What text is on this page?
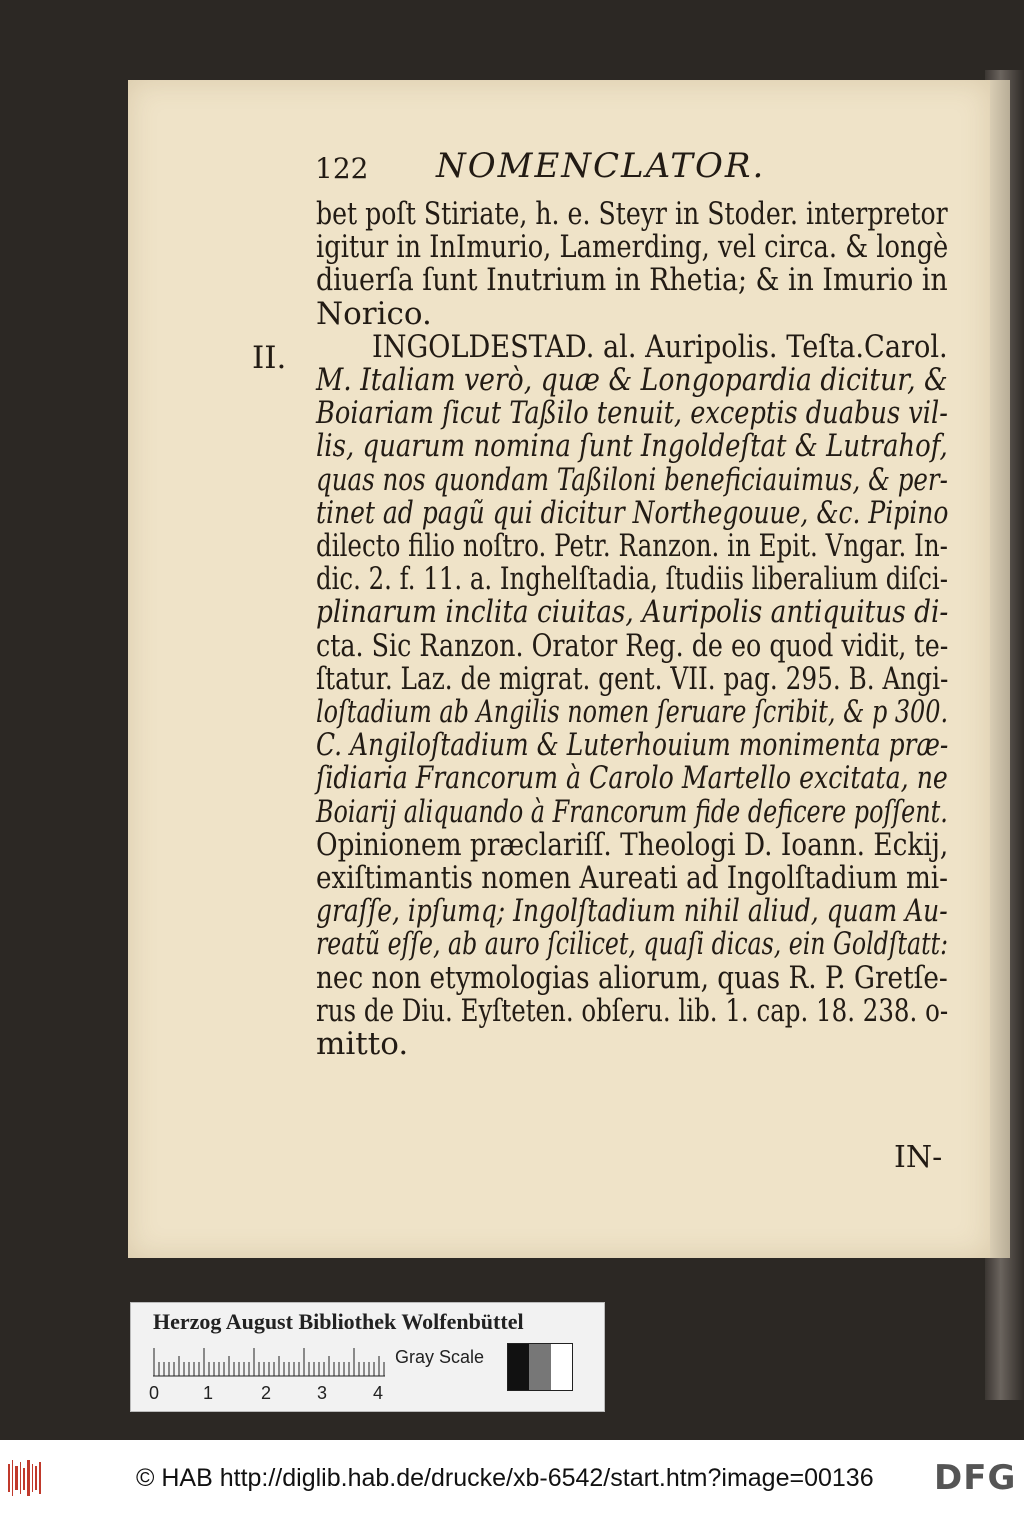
122 NOMENCLATOR.
II.
bet poſt Stiriate, h. e. Steyr in Stoder. interpretor
igitur in InImurio, Lamerding, vel circa. & longè
diuerſa ſunt Inutrium in Rhetia; & in Imurio in
Norico.
INGOLDESTAD. al. Auripolis. Teſta.Carol.
M. Italiam verò, quæ & Longopardia dicitur, &
Boiariam ſicut Taßilo tenuit, exceptis duabus vil-
lis, quarum nomina ſunt Ingoldeſtat & Lutrahof,
quas nos quondam Taßiloni beneficiauimus, & per-
tinet ad pagũ qui dicitur Northegouue, &c. Pipino
dilecto filio noſtro. Petr. Ranzon. in Epit. Vngar. In-
dic. 2. f. 11. a. Inghelſtadia, ſtudiis liberalium diſci-
plinarum inclita ciuitas, Auripolis antiquitus di-
cta. Sic Ranzon. Orator Reg. de eo quod vidit, te-
ſtatur. Laz. de migrat. gent. VII. pag. 295. B. Angi-
loſtadium ab Angilis nomen ſeruare ſcribit, & p 300.
C. Angiloſtadium & Luterhouium monimenta præ-
ſidiaria Francorum à Carolo Martello excitata, ne
Boiarij aliquando à Francorum fide deficere poſſent.
Opinionem præclariſſ. Theologi D. Ioann. Eckij,
exiſtimantis nomen Aureati ad Ingolſtadium mi-
graſſe, ipſumq; Ingolſtadium nihil aliud, quam Au-
reatũ eſſe, ab auro ſcilicet, quaſi dicas, ein Goldſtatt:
nec non etymologias aliorum, quas R. P. Gretſe-
rus de Diu. Eyſteten. obſeru. lib. 1. cap. 18. 238. o-
mitto.
IN-
Herzog August Bibliothek Wolfenbüttel
Gray Scale
0 1	2	3	4
© HAB http://diglib.hab.de/drucke/xb-6542/start.htm?image=00136 DFG
